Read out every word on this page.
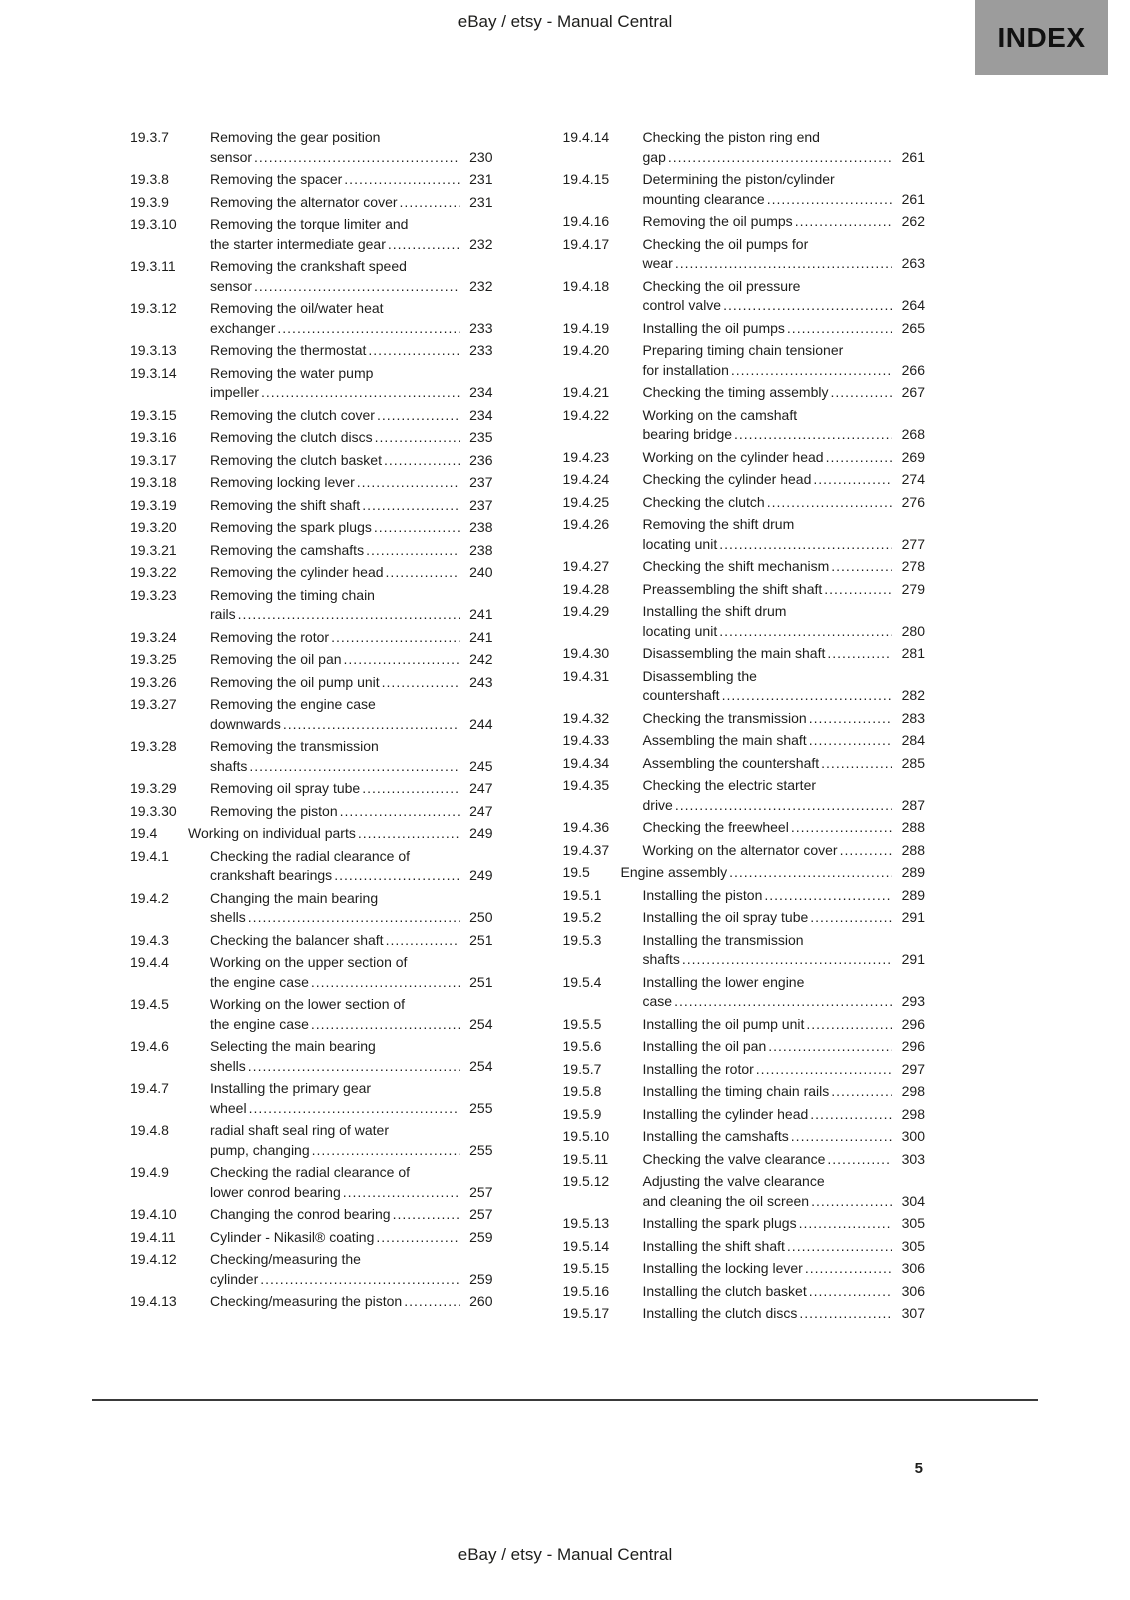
eBay / etsy - Manual Central	INDEX
19.3.7	Removing the gear position
sensor .....	230
19.3.8	Removing the spacer .....	231
19.3.9	Removing the alternator cover .....	231
19.3.10	Removing the torque limiter and
the starter intermediate gear .....	232
19.3.11	Removing the crankshaft speed
sensor .....	232
19.3.12	Removing the oil/water heat
exchanger .....	233
19.3.13	Removing the thermostat .....	233
19.3.14	Removing the water pump
impeller .....	234
19.3.15	Removing the clutch cover .....	234
19.3.16	Removing the clutch discs .....	235
19.3.17	Removing the clutch basket .....	236
19.3.18	Removing locking lever .....	237
19.3.19	Removing the shift shaft .....	237
19.3.20	Removing the spark plugs .....	238
19.3.21	Removing the camshafts .....	238
19.3.22	Removing the cylinder head .....	240
19.3.23	Removing the timing chain
rails .....	241
19.3.24	Removing the rotor .....	241
19.3.25	Removing the oil pan .....	242
19.3.26	Removing the oil pump unit .....	243
19.3.27	Removing the engine case
downwards .....	244
19.3.28	Removing the transmission
shafts .....	245
19.3.29	Removing oil spray tube .....	247
19.3.30	Removing the piston .....	247
19.4	Working on individual parts .....	249
19.4.1	Checking the radial clearance of
crankshaft bearings .....	249
19.4.2	Changing the main bearing
shells .....	250
19.4.3	Checking the balancer shaft .....	251
19.4.4	Working on the upper section of
the engine case .....	251
19.4.5	Working on the lower section of
the engine case .....	254
19.4.6	Selecting the main bearing
shells .....	254
19.4.7	Installing the primary gear
wheel .....	255
19.4.8	radial shaft seal ring of water
pump, changing .....	255
19.4.9	Checking the radial clearance of
lower conrod bearing .....	257
19.4.10	Changing the conrod bearing .....	257
19.4.11	Cylinder - Nikasil® coating .....	259
19.4.12	Checking/measuring the
cylinder .....	259
19.4.13	Checking/measuring the piston .....	260
19.4.14	Checking the piston ring end
gap .....	261
19.4.15	Determining the piston/cylinder
mounting clearance .....	261
19.4.16	Removing the oil pumps .....	262
19.4.17	Checking the oil pumps for
wear .....	263
19.4.18	Checking the oil pressure
control valve .....	264
19.4.19	Installing the oil pumps .....	265
19.4.20	Preparing timing chain tensioner
for installation .....	266
19.4.21	Checking the timing assembly .....	267
19.4.22	Working on the camshaft
bearing bridge .....	268
19.4.23	Working on the cylinder head .....	269
19.4.24	Checking the cylinder head .....	274
19.4.25	Checking the clutch .....	276
19.4.26	Removing the shift drum
locating unit .....	277
19.4.27	Checking the shift mechanism .....	278
19.4.28	Preassembling the shift shaft .....	279
19.4.29	Installing the shift drum
locating unit .....	280
19.4.30	Disassembling the main shaft .....	281
19.4.31	Disassembling the
countershaft .....	282
19.4.32	Checking the transmission .....	283
19.4.33	Assembling the main shaft .....	284
19.4.34	Assembling the countershaft .....	285
19.4.35	Checking the electric starter
drive .....	287
19.4.36	Checking the freewheel .....	288
19.4.37	Working on the alternator cover .....	288
19.5	Engine assembly .....	289
19.5.1	Installing the piston .....	289
19.5.2	Installing the oil spray tube .....	291
19.5.3	Installing the transmission
shafts .....	291
19.5.4	Installing the lower engine
case .....	293
19.5.5	Installing the oil pump unit .....	296
19.5.6	Installing the oil pan .....	296
19.5.7	Installing the rotor .....	297
19.5.8	Installing the timing chain rails .....	298
19.5.9	Installing the cylinder head .....	298
19.5.10	Installing the camshafts .....	300
19.5.11	Checking the valve clearance .....	303
19.5.12	Adjusting the valve clearance
and cleaning the oil screen .....	304
19.5.13	Installing the spark plugs .....	305
19.5.14	Installing the shift shaft .....	305
19.5.15	Installing the locking lever .....	306
19.5.16	Installing the clutch basket .....	306
19.5.17	Installing the clutch discs .....	307
5
eBay / etsy - Manual Central
